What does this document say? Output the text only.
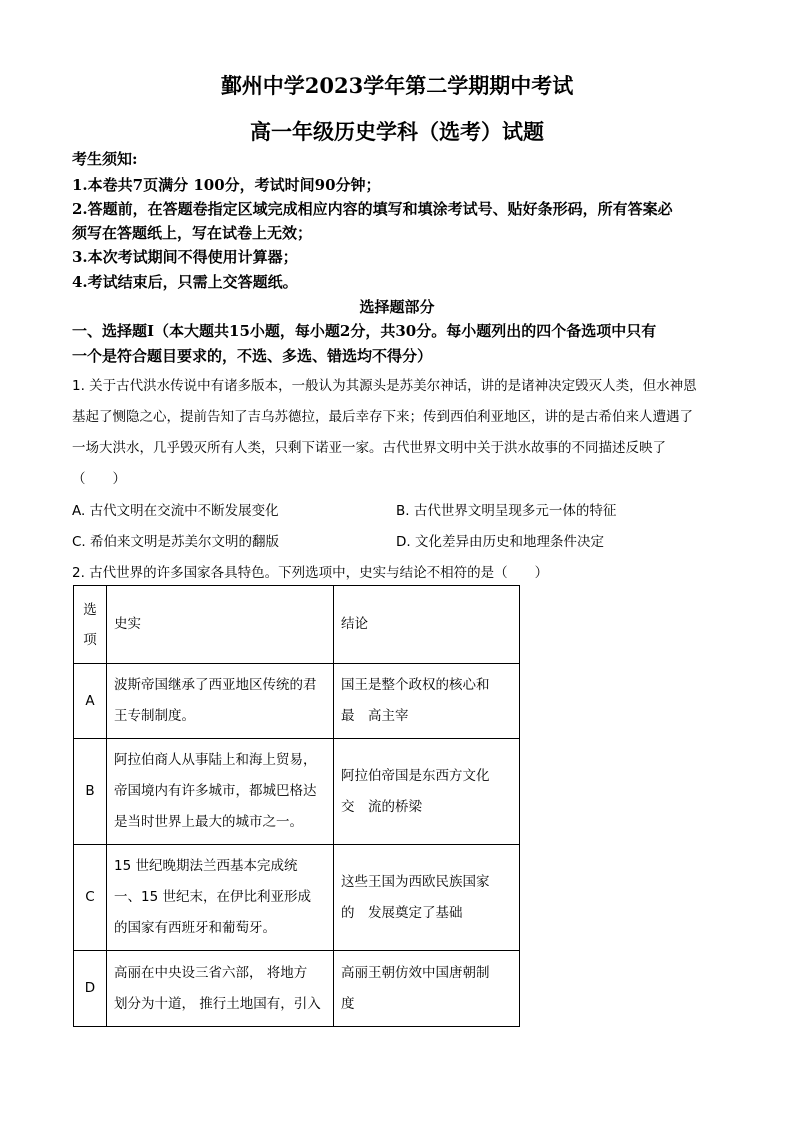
鄞州中学2023学年第二学期期中考试
高一年级历史学科（选考）试题
考生须知:
1.本卷共7页满分 100分，考试时间90分钟；
2.答题前，在答题卷指定区域完成相应内容的填写和填涂考试号、贴好条形码，所有答案必
须写在答题纸上，写在试卷上无效；
3.本次考试期间不得使用计算器；
4.考试结束后，只需上交答题纸。
选择题部分
一、选择题Ⅰ（本大题共15小题，每小题2分，共30分。每小题列出的四个备选项中只有
一个是符合题目要求的，不选、多选、错选均不得分）
1. 关于古代洪水传说中有诸多版本，一般认为其源头是苏美尔神话，讲的是诸神决定毁灭人类，但水神恩
基起了恻隐之心，提前告知了吉乌苏德拉，最后幸存下来；传到西伯利亚地区，讲的是古希伯来人遭遇了
一场大洪水，几乎毁灭所有人类，只剩下诺亚一家。古代世界文明中关于洪水故事的不同描述反映了
（　　）
A. 古代文明在交流中不断发展变化	B. 古代世界文明呈现多元一体的特征
C. 希伯来文明是苏美尔文明的翻版	D. 文化差异由历史和地理条件决定
2. 古代世界的许多国家各具特色。下列选项中，史实与结论不相符的是（　　）
选
项	史实	结论
A	波斯帝国继承了西亚地区传统的君
王专制制度。	国王是整个政权的核心和
最　高主宰
B	阿拉伯商人从事陆上和海上贸易，
帝国境内有许多城市，都城巴格达
是当时世界上最大的城市之一。	阿拉伯帝国是东西方文化
交　流的桥梁
C	15 世纪晚期法兰西基本完成统
一、15 世纪末，在伊比利亚形成
的国家有西班牙和葡萄牙。	这些王国为西欧民族国家
的　发展奠定了基础
D	高丽在中央设三省六部， 将地方
划分为十道， 推行土地国有，引入	高丽王朝仿效中国唐朝制
度
